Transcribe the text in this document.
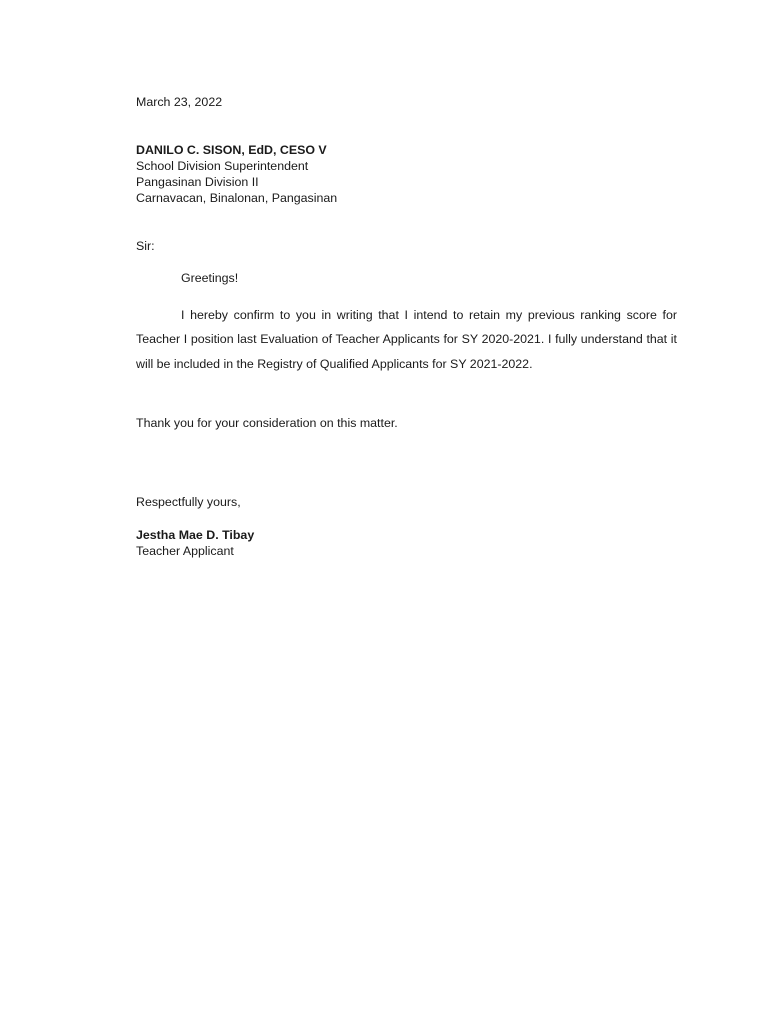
March 23, 2022
DANILO C. SISON, EdD, CESO V
School Division Superintendent
Pangasinan Division II
Carnavacan, Binalonan, Pangasinan
Sir:
Greetings!
I hereby confirm to you in writing that I intend to retain my previous ranking score for Teacher I position last Evaluation of Teacher Applicants for SY 2020-2021. I fully understand that it will be included in the Registry of Qualified Applicants for SY 2021-2022.
Thank you for your consideration on this matter.
Respectfully yours,
Jestha Mae D. Tibay
Teacher Applicant
